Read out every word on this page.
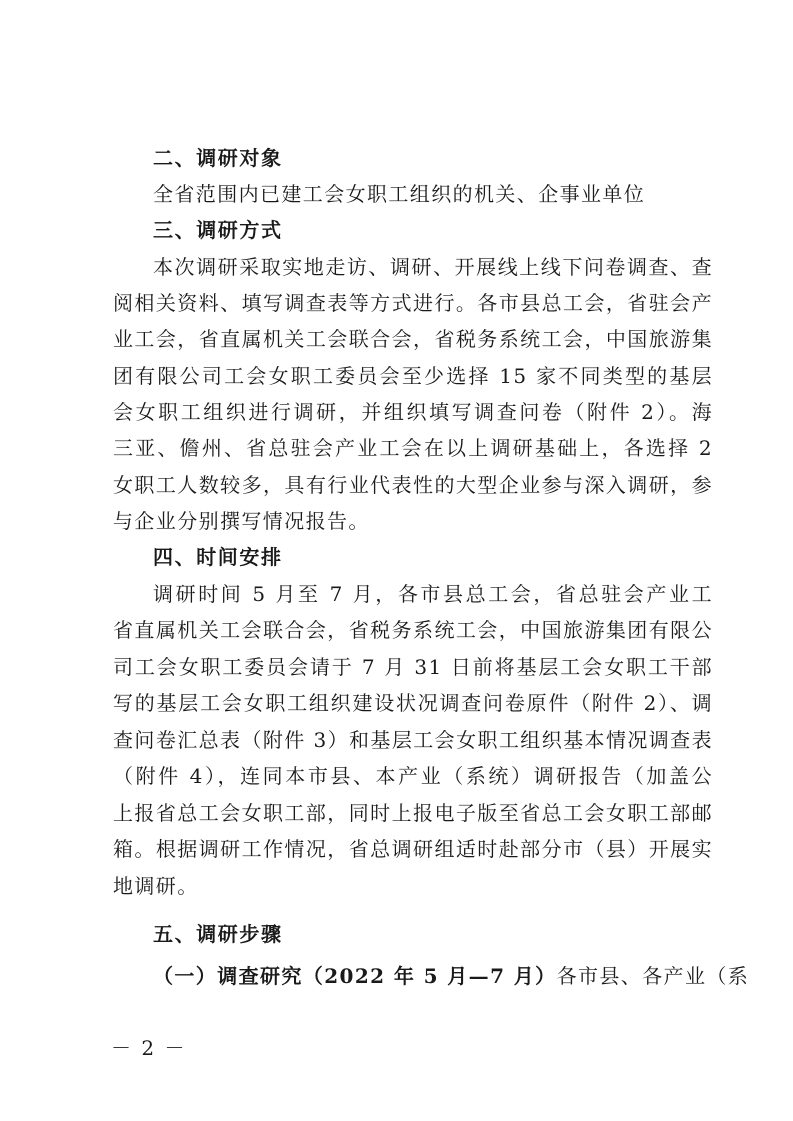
二、调研对象
全省范围内已建工会女职工组织的机关、企事业单位
三、调研方式
本次调研采取实地走访、调研、开展线上线下问卷调查、查
阅相关资料、填写调查表等方式进行。各市县总工会，省驻会产
业工会，省直属机关工会联合会，省税务系统工会，中国旅游集
团有限公司工会女职工委员会至少选择 15 家不同类型的基层
会女职工组织进行调研，并组织填写调查问卷（附件 2）。海
三亚、儋州、省总驻会产业工会在以上调研基础上，各选择 2
女职工人数较多，具有行业代表性的大型企业参与深入调研，参
与企业分别撰写情况报告。
四、时间安排
调研时间 5 月至 7 月，各市县总工会，省总驻会产业工
省直属机关工会联合会，省税务系统工会，中国旅游集团有限公
司工会女职工委员会请于 7 月 31 日前将基层工会女职工干部
写的基层工会女职工组织建设状况调查问卷原件（附件 2）、调
查问卷汇总表（附件 3）和基层工会女职工组织基本情况调查表
（附件 4），连同本市县、本产业（系统）调研报告（加盖公
上报省总工会女职工部，同时上报电子版至省总工会女职工部邮
箱。根据调研工作情况，省总调研组适时赴部分市（县）开展实
地调研。
五、调研步骤
（一）调查研究（2022 年 5 月—7 月）各市县、各产业（系
－ 2 －
